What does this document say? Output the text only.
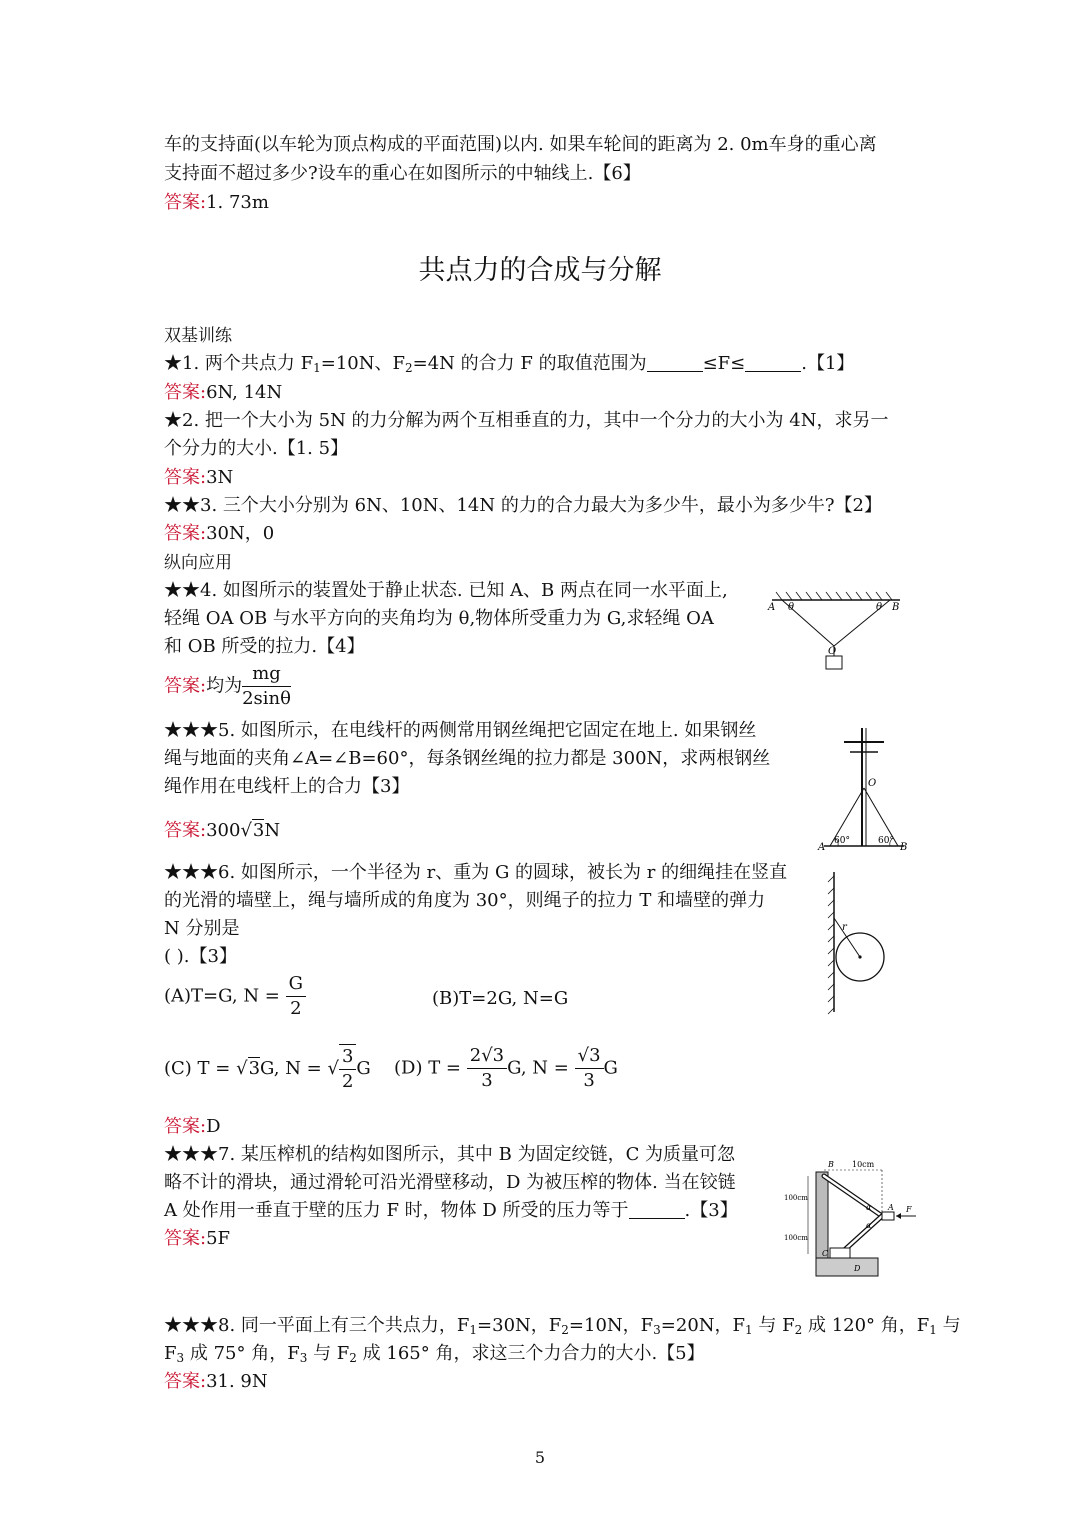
车的支持面(以车轮为顶点构成的平面范围)以内. 如果车轮间的距离为 2. 0m车身的重心离
支持面不超过多少?设车的重心在如图所示的中轴线上.【6】
答案:1. 73m
共点力的合成与分解
双基训练
★1. 两个共点力 $F_1=10N$、$F_2=4N$ 的合力 F 的取值范围为	≤F≤	.【1】
答案:6N, 14N
★2. 把一个大小为 5N 的力分解为两个互相垂直的力，其中一个分力的大小为 4N，求另一
个分力的大小.【1. 5】
答案:3N
★★3. 三个大小分别为 6N、10N、14N 的力的合力最大为多少牛，最小为多少牛?【2】
答案:30N，0
纵向应用
★★4. 如图所示的装置处于静止状态. 已知 A、B 两点在同一水平面上,
轻绳 OA OB 与水平方向的夹角均为 θ,物体所受重力为 G,求轻绳 OA
和 OB 所受的拉力.【4】
答案:均为 $\frac{mg}{2\sin\theta}$
A θ	θ B
O
★★★5. 如图所示，在电线杆的两侧常用钢丝绳把它固定在地上. 如果钢丝
绳与地面的夹角∠A=∠B=60°，每条钢丝绳的拉力都是 300N，求两根钢丝
绳作用在电线杆上的合力【3】
答案:300√3N
O
60°	60°
A	B
★★★6. 如图所示，一个半径为 r、重为 G 的圆球，被长为 r 的细绳挂在竖直
的光滑的墙壁上，绳与墙所成的角度为 30°，则绳子的拉力 T 和墙壁的弹力
N 分别是
( ).【3】
(A)T=G, $N = \frac{G}{2}$	(B)T=2G, N=G
(C) T = √3G, N = √ $\frac{3}{2}$ G (D) $T = \frac{2√3}{3} G$, $N = \frac{√3}{3}$ G
答案:D
r
★★★7. 某压榨机的结构如图所示，其中 B 为固定绞链，C 为质量可忽
略不计的滑块，通过滑轮可沿光滑壁移动，D 为被压榨的物体. 当在铰链
A 处作用一垂直于壁的压力 F 时，物体 D 所受的压力等于	.【3】
答案:5F
B 10cm
100cm
100cm
α
α
A F
C
D
★★★8. 同一平面上有三个共点力，$F_1=30N$，$F_2=10N$，$F_3=20N$，$F_1$ 与 $F_2$ 成 120° 角，$F_1$ 与
$F_3$ 成 75° 角，$F_3$ 与 $F_2$ 成 165° 角，求这三个力合力的大小.【5】
答案:31. 9N
5
